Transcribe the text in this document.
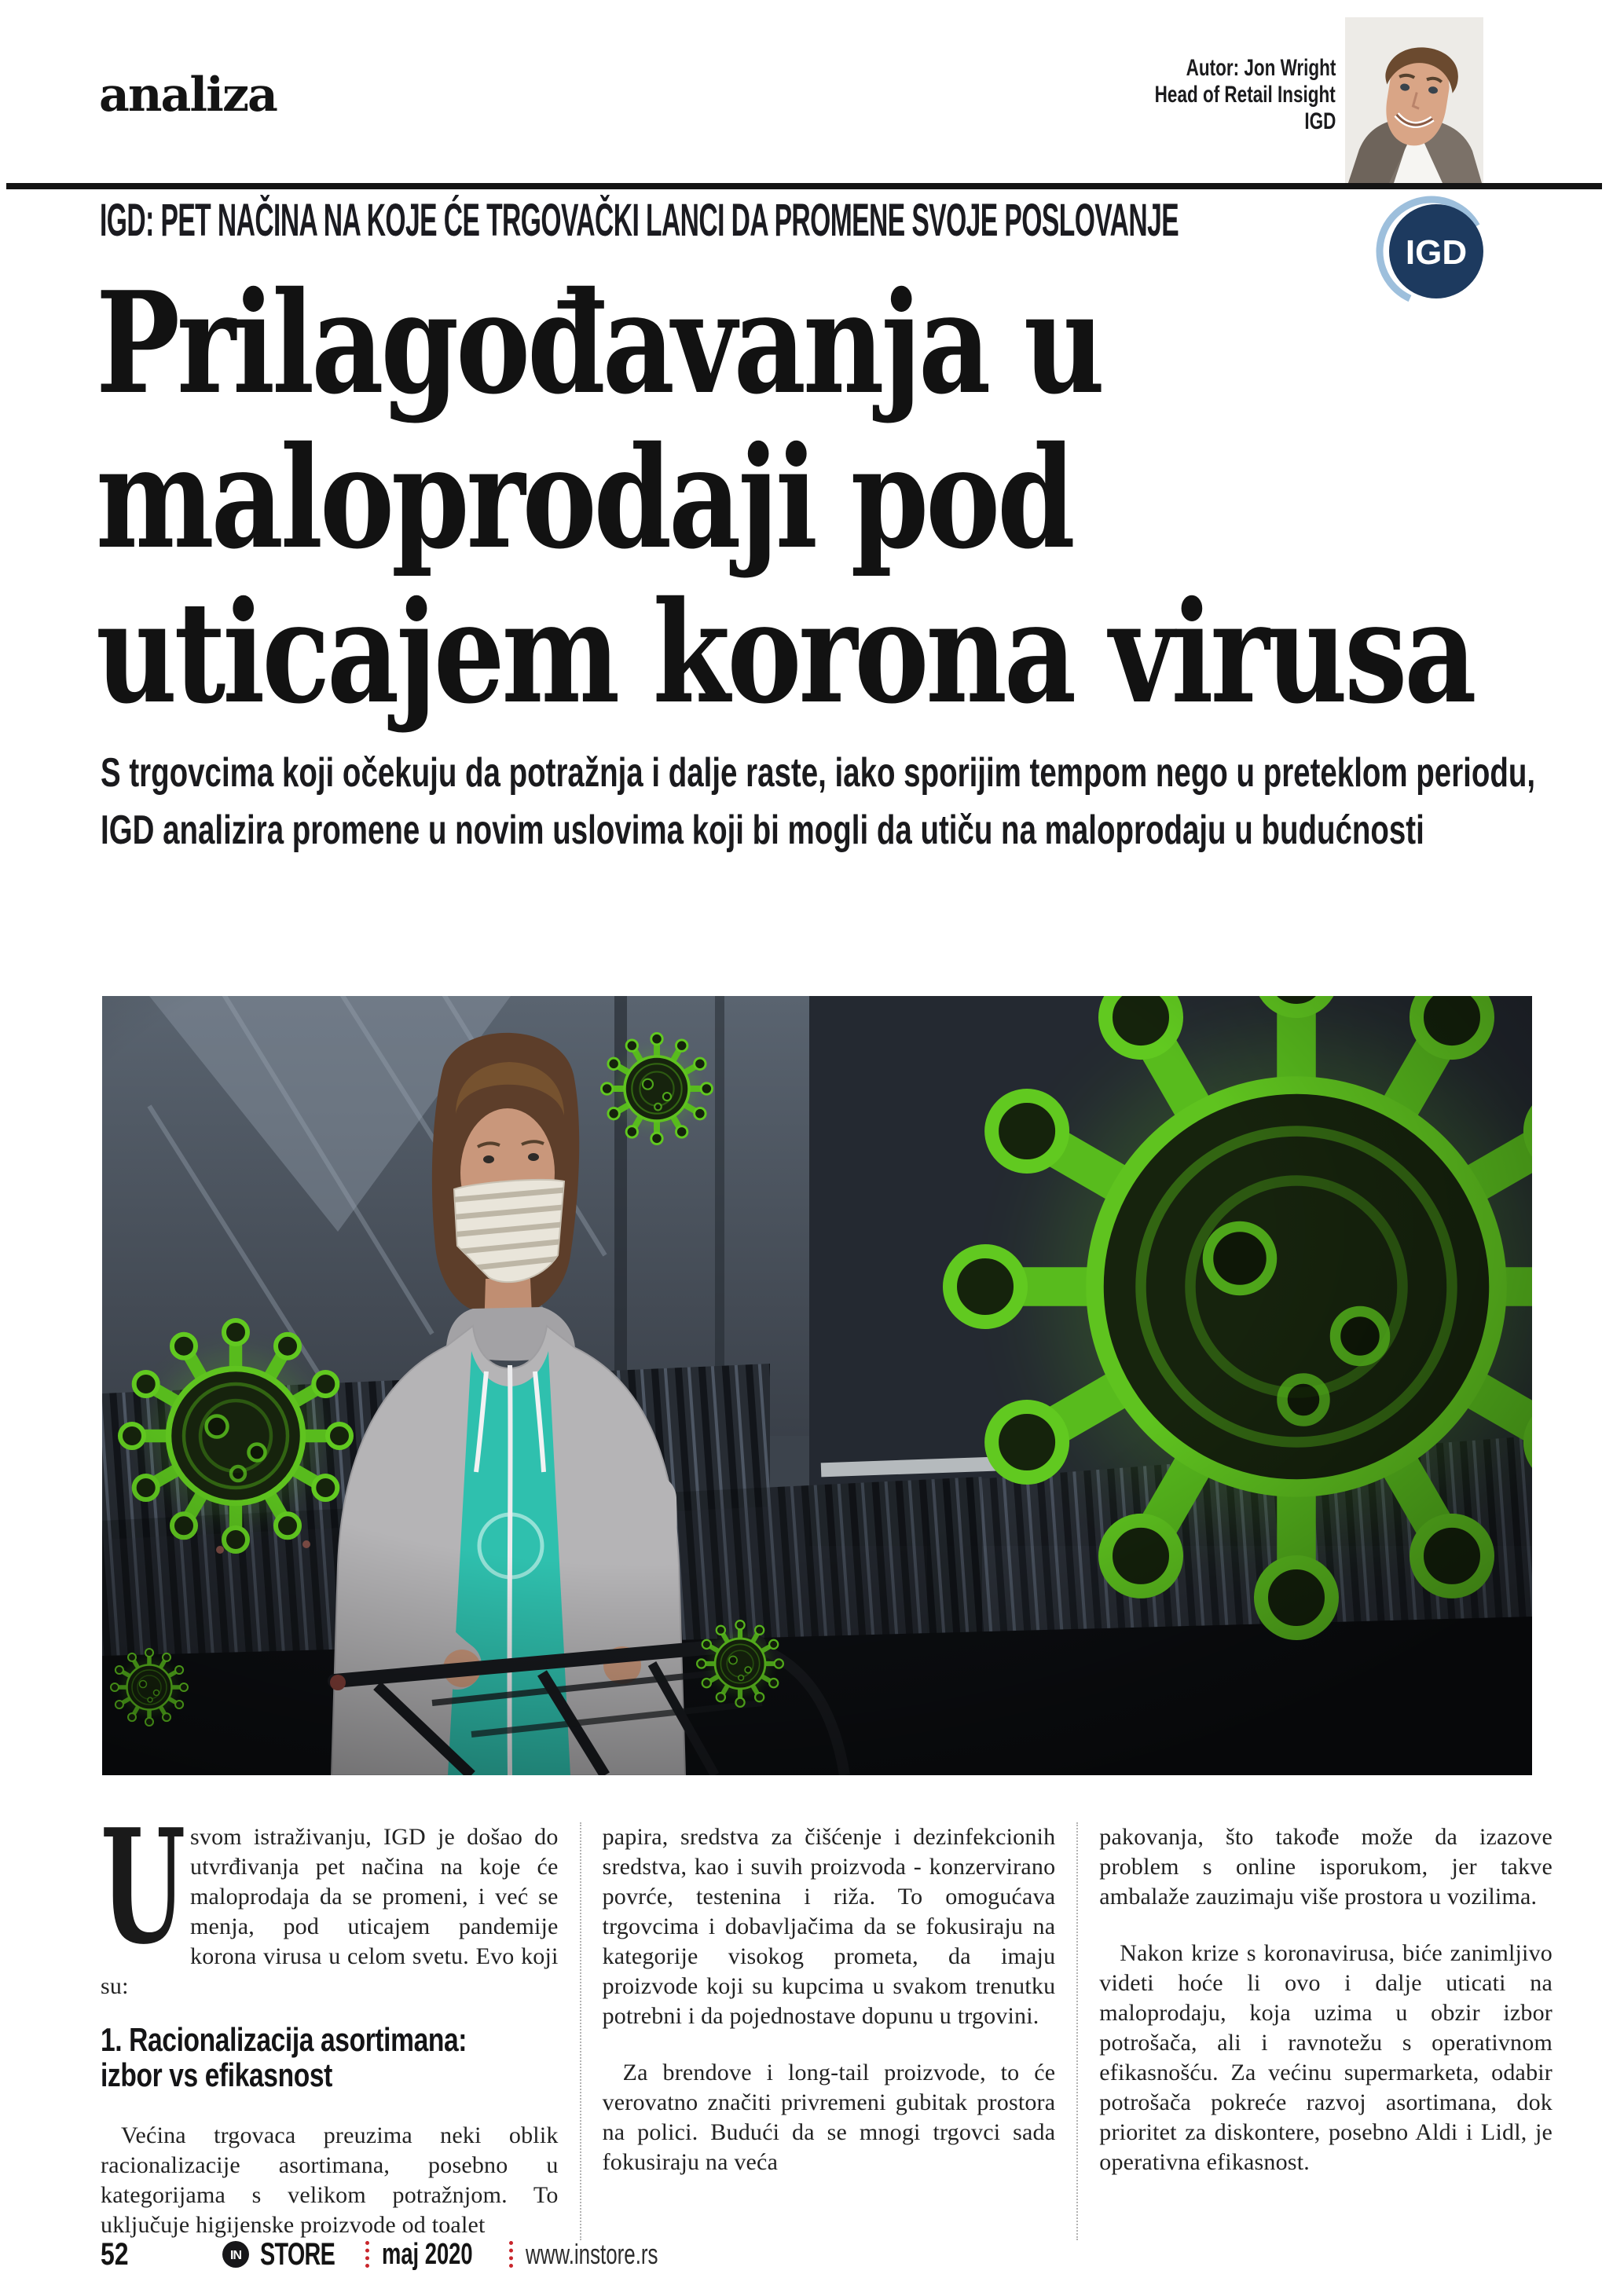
analiza	Autor: Jon Wright
Head of Retail Insight
IGD
IGD: PET NAČINA NA KOJE ĆE TRGOVAČKI LANCI DA PROMENE SVOJE POSLOVANJE
IGD
Prilagođavanja u
maloprodaji pod
uticajem korona virusa

S trgovcima koji očekuju da potražnja i dalje raste, iako sporijim tempom nego u preteklom periodu, IGD analizira promene u novim uslovima koji bi mogli da utiču na maloprodaju u budućnosti

Usvom istraživanju, IGD je došao do utvrđivanja pet načina na koje će maloprodaja da se promeni, i već se menja, pod uticajem pandemije korona virusa u celom svetu. Evo koji su:

1. Racionalizacija asortimana:
izbor vs efikasnost

Većina trgovaca preuzima neki oblik racionalizacije asortimana, posebno u kategorijama s velikom potražnjom. To uključuje higijenske proizvode od toalet

papira, sredstva za čišćenje i dezinfekcionih sredstva, kao i suvih proizvoda - konzervirano povrće, testenina i riža. To omogućava trgovcima i dobavljačima da se fokusiraju na kategorije visokog prometa, da imaju proizvode koji su kupcima u svakom trenutku potrebni i da pojednostave dopunu u trgovini.

Za brendove i long-tail proizvode, to će verovatno značiti privremeni gubitak prostora na polici. Budući da se mnogi trgovci sada fokusiraju na veća

pakovanja, što takođe može da izazove problem s online isporukom, jer takve ambalaže zauzimaju više prostora u vozilima.

Nakon krize s koronavirusa, biće zanimljivo videti hoće li ovo i dalje uticati na maloprodaju, koja uzima u obzir izbor potrošača, ali i ravnotežu s operativnom efikasnošću. Za većinu supermarketa, odabir potrošača pokreće razvoj asortimana, dok prioritet za diskontere, posebno Aldi i Lidl, je operativna efikasnost.

52	IN STORE maj 2020 www.instore.rs
